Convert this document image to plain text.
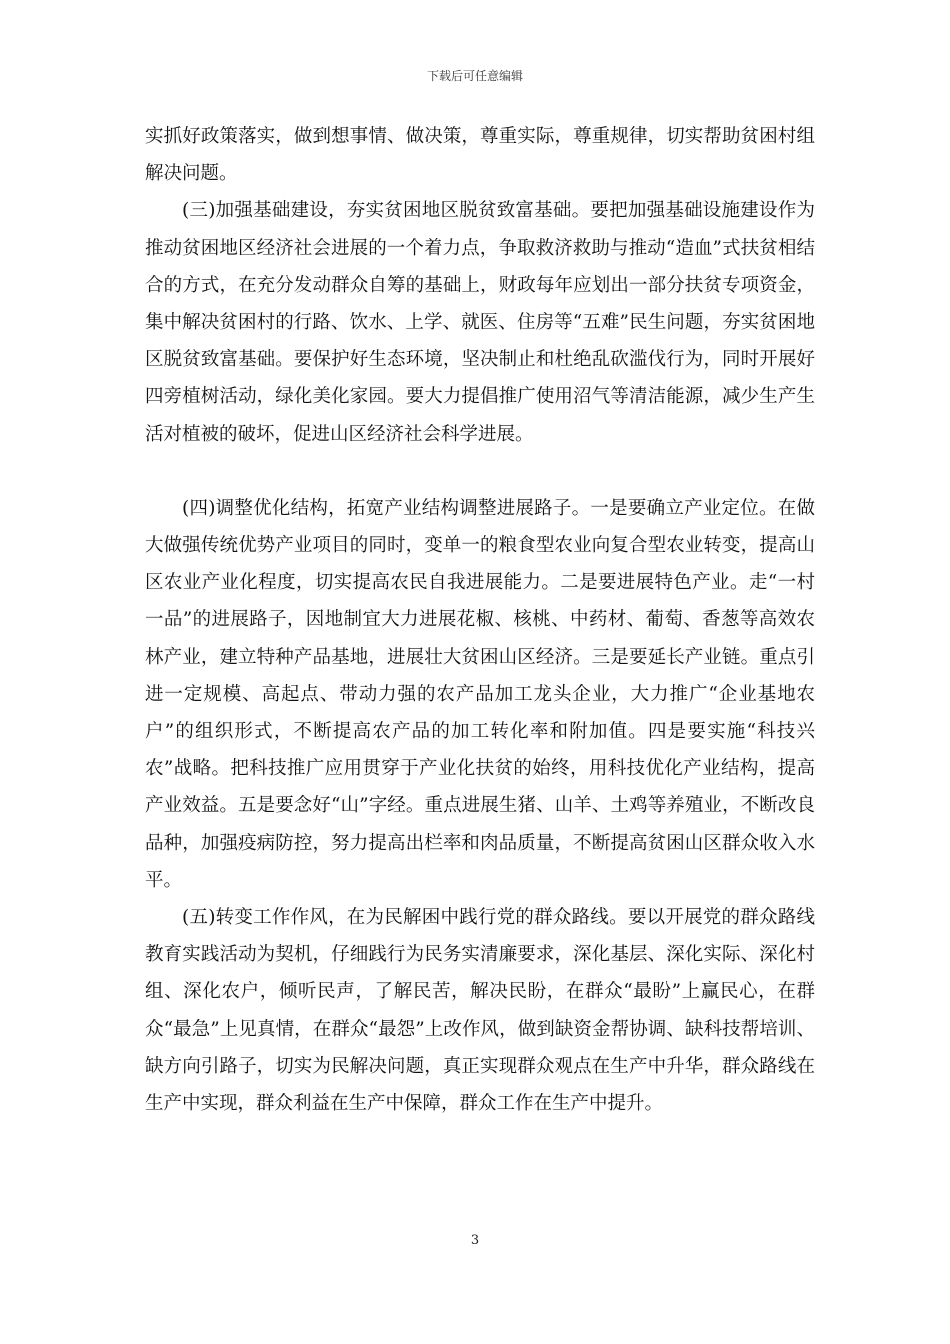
下载后可任意编辑

实抓好政策落实，做到想事情、做决策，尊重实际，尊重规律，切实帮助贫困村组解决问题。

(三)加强基础建设，夯实贫困地区脱贫致富基础。要把加强基础设施建设作为推动贫困地区经济社会进展的一个着力点，争取救济救助与推动“造血”式扶贫相结合的方式，在充分发动群众自筹的基础上，财政每年应划出一部分扶贫专项资金，集中解决贫困村的行路、饮水、上学、就医、住房等“五难”民生问题，夯实贫困地区脱贫致富基础。要保护好生态环境，坚决制止和杜绝乱砍滥伐行为，同时开展好四旁植树活动，绿化美化家园。要大力提倡推广使用沼气等清洁能源，减少生产生活对植被的破坏，促进山区经济社会科学进展。

(四)调整优化结构，拓宽产业结构调整进展路子。一是要确立产业定位。在做大做强传统优势产业项目的同时，变单一的粮食型农业向复合型农业转变，提高山区农业产业化程度，切实提高农民自我进展能力。二是要进展特色产业。走“一村一品”的进展路子，因地制宜大力进展花椒、核桃、中药材、葡萄、香葱等高效农林产业，建立特种产品基地，进展壮大贫困山区经济。三是要延长产业链。重点引进一定规模、高起点、带动力强的农产品加工龙头企业，大力推广“企业基地农户”的组织形式，不断提高农产品的加工转化率和附加值。四是要实施“科技兴农”战略。把科技推广应用贯穿于产业化扶贫的始终，用科技优化产业结构，提高产业效益。五是要念好“山”字经。重点进展生猪、山羊、土鸡等养殖业，不断改良品种，加强疫病防控，努力提高出栏率和肉品质量，不断提高贫困山区群众收入水平。

(五)转变工作作风，在为民解困中践行党的群众路线。要以开展党的群众路线教育实践活动为契机，仔细践行为民务实清廉要求，深化基层、深化实际、深化村组、深化农户，倾听民声，了解民苦，解决民盼，在群众“最盼”上赢民心，在群众“最急”上见真情，在群众“最怨”上改作风，做到缺资金帮协调、缺科技帮培训、缺方向引路子，切实为民解决问题，真正实现群众观点在生产中升华，群众路线在生产中实现，群众利益在生产中保障，群众工作在生产中提升。

3
